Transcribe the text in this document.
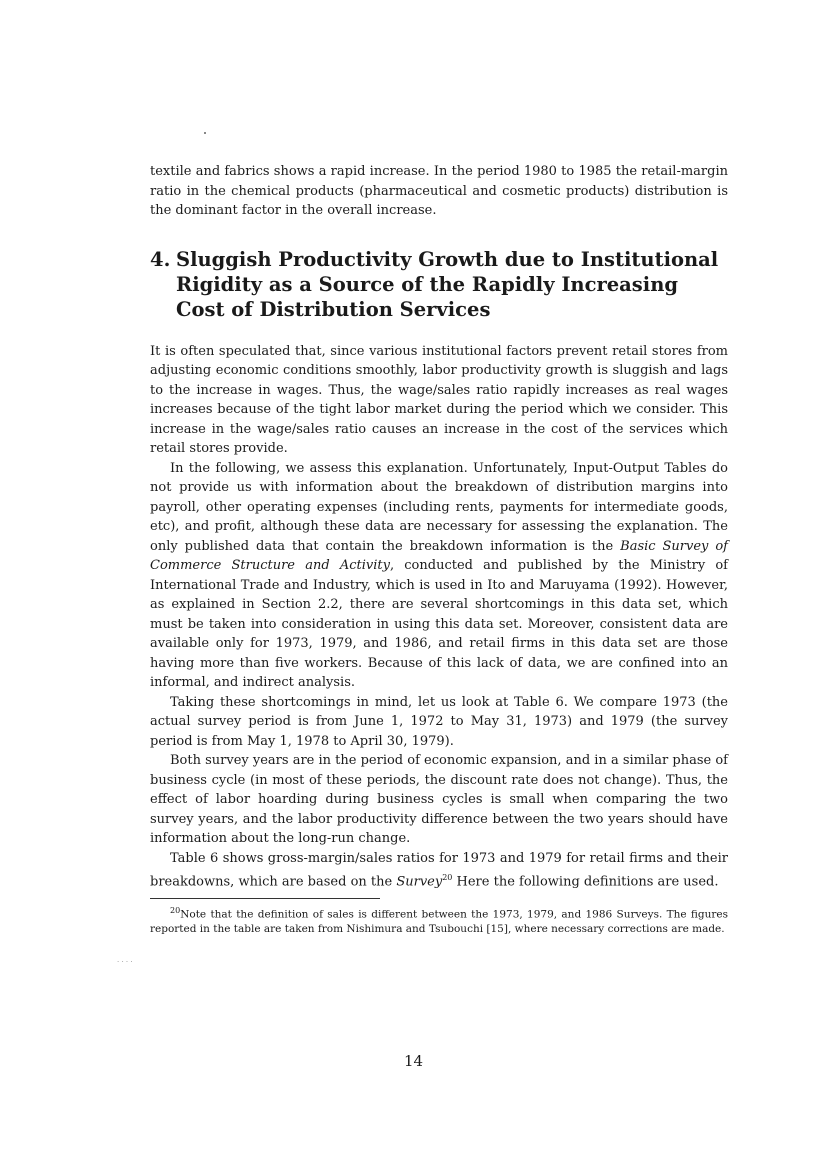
· · · ·

textile and fabrics shows a rapid increase. In the period 1980 to 1985 the retail-margin ratio in the chemical products (pharmaceutical and cosmetic products) distribution is the dominant factor in the overall increase.

4. Sluggish Productivity Growth due to Institutional Rigidity as a Source of the Rapidly Increasing Cost of Distribution Services

It is often speculated that, since various institutional factors prevent retail stores from adjusting economic conditions smoothly, labor productivity growth is sluggish and lags to the increase in wages. Thus, the wage/sales ratio rapidly increases as real wages increases because of the tight labor market during the period which we consider. This increase in the wage/sales ratio causes an increase in the cost of the services which retail stores provide.

In the following, we assess this explanation. Unfortunately, Input-Output Tables do not provide us with information about the breakdown of distribution margins into payroll, other operating expenses (including rents, payments for intermediate goods, etc), and profit, although these data are necessary for assessing the explanation. The only published data that contain the breakdown information is the Basic Survey of Commerce Structure and Activity, conducted and published by the Ministry of International Trade and Industry, which is used in Ito and Maruyama (1992). However, as explained in Section 2.2, there are several shortcomings in this data set, which must be taken into consideration in using this data set. Moreover, consistent data are available only for 1973, 1979, and 1986, and retail firms in this data set are those having more than five workers. Because of this lack of data, we are confined into an informal, and indirect analysis.

Taking these shortcomings in mind, let us look at Table 6. We compare 1973 (the actual survey period is from June 1, 1972 to May 31, 1973) and 1979 (the survey period is from May 1, 1978 to April 30, 1979).

Both survey years are in the period of economic expansion, and in a similar phase of business cycle (in most of these periods, the discount rate does not change). Thus, the effect of labor hoarding during business cycles is small when comparing the two survey years, and the labor productivity difference between the two years should have information about the long-run change.

Table 6 shows gross-margin/sales ratios for 1973 and 1979 for retail firms and their breakdowns, which are based on the Survey$^{20}$ Here the following definitions are used.

$^{20}$Note that the definition of sales is different between the 1973, 1979, and 1986 Surveys. The figures reported in the table are taken from Nishimura and Tsubouchi [15], where necessary corrections are made.

14
